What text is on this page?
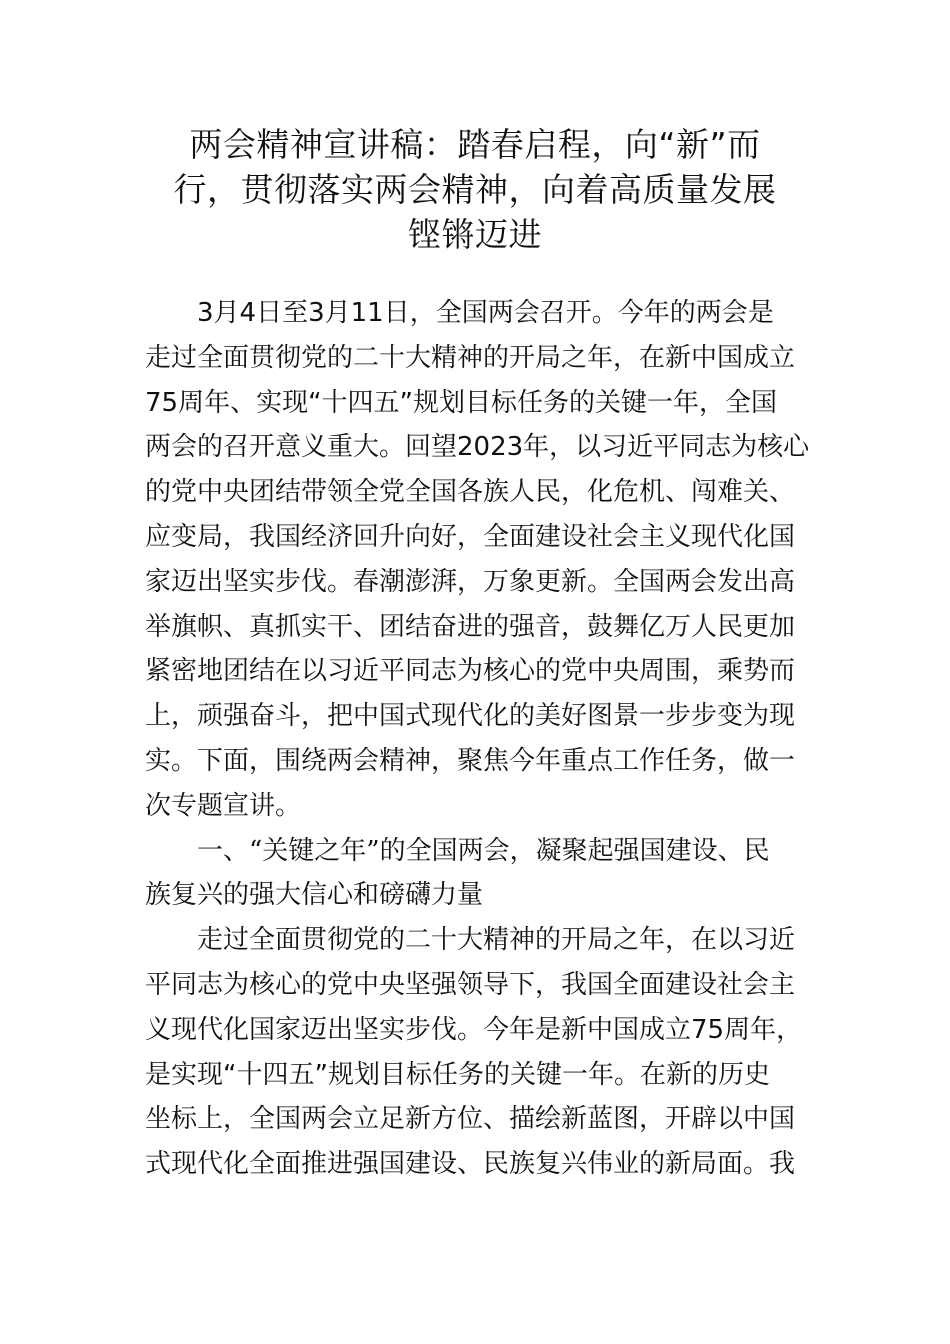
两会精神宣讲稿：踏春启程，向“新”而
行，贯彻落实两会精神，向着高质量发展
铿锵迈进

3月4日至3月11日，全国两会召开。今年的两会是
走过全面贯彻党的二十大精神的开局之年，在新中国成立
75周年、实现“十四五”规划目标任务的关键一年，全国
两会的召开意义重大。回望2023年，以习近平同志为核心
的党中央团结带领全党全国各族人民，化危机、闯难关、
应变局，我国经济回升向好，全面建设社会主义现代化国
家迈出坚实步伐。春潮澎湃，万象更新。全国两会发出高
举旗帜、真抓实干、团结奋进的强音，鼓舞亿万人民更加
紧密地团结在以习近平同志为核心的党中央周围，乘势而
上，顽强奋斗，把中国式现代化的美好图景一步步变为现
实。下面，围绕两会精神，聚焦今年重点工作任务，做一
次专题宣讲。

一、“关键之年”的全国两会，凝聚起强国建设、民
族复兴的强大信心和磅礴力量

走过全面贯彻党的二十大精神的开局之年，在以习近
平同志为核心的党中央坚强领导下，我国全面建设社会主
义现代化国家迈出坚实步伐。今年是新中国成立75周年，
是实现“十四五”规划目标任务的关键一年。在新的历史
坐标上，全国两会立足新方位、描绘新蓝图，开辟以中国
式现代化全面推进强国建设、民族复兴伟业的新局面。我
